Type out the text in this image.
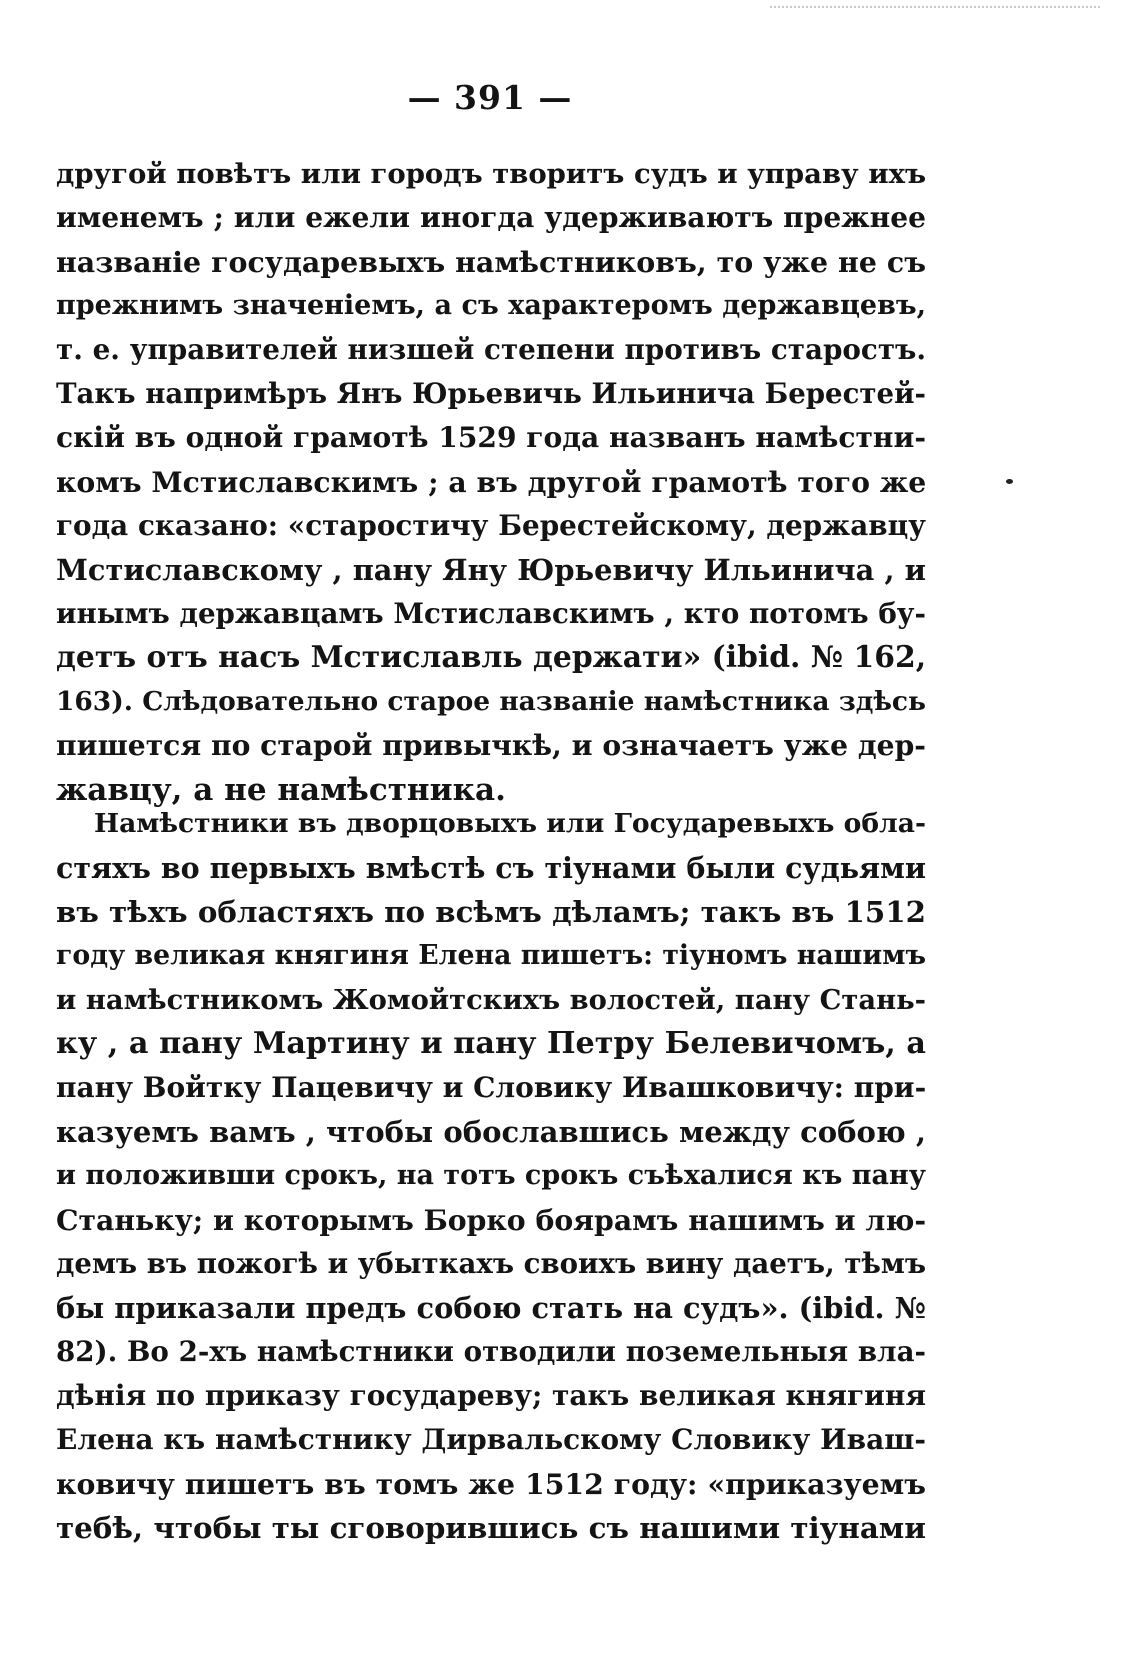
— 391 —
другой повѣтъ или городъ творитъ судъ и управу ихъ
именемъ ; или ежели иногда удерживаютъ прежнее
названіе государевыхъ намѣстниковъ, то уже не съ
прежнимъ значеніемъ, а съ характеромъ державцевъ,
т. е. управителей низшей степени противъ старостъ.
Такъ напримѣръ Янъ Юрьевичь Ильинича Берестей-
скій въ одной грамотѣ 1529 года названъ намѣстни-
комъ Мстиславскимъ ; а въ другой грамотѣ того же
года сказано: «старостичу Берестейскому, державцу
Мстиславскому , пану Яну Юрьевичу Ильинича , и
инымъ державцамъ Мстиславскимъ , кто потомъ бу-
детъ отъ насъ Мстиславль держати» (ibid. № 162,
163). Слѣдовательно старое названіе намѣстника здѣсь
пишется по старой привычкѣ, и означаетъ уже дер-
жавцу, а не намѣстника.
Намѣстники въ дворцовыхъ или Государевыхъ обла-
стяхъ во первыхъ вмѣстѣ съ тіунами были судьями
въ тѣхъ областяхъ по всѣмъ дѣламъ; такъ въ 1512
году великая княгиня Елена пишетъ: тіуномъ нашимъ
и намѣстникомъ Жомойтскихъ волостей, пану Стань-
ку , а пану Мартину и пану Петру Белевичомъ, а
пану Войтку Пацевичу и Словику Ивашковичу: при-
казуемъ вамъ , чтобы обославшись между собою ,
и положивши срокъ, на тотъ срокъ съѣхалися къ пану
Станьку; и которымъ Борко боярамъ нашимъ и лю-
демъ въ пожогѣ и убыткахъ своихъ вину даетъ, тѣмъ
бы приказали предъ собою стать на судъ». (ibid. №
82). Во 2-хъ намѣстники отводили поземельныя вла-
дѣнія по приказу государеву; такъ великая княгиня
Елена къ намѣстнику Дирвальскому Словику Иваш-
ковичу пишетъ въ томъ же 1512 году: «приказуемъ
тебѣ, чтобы ты сговорившись съ нашими тіунами
